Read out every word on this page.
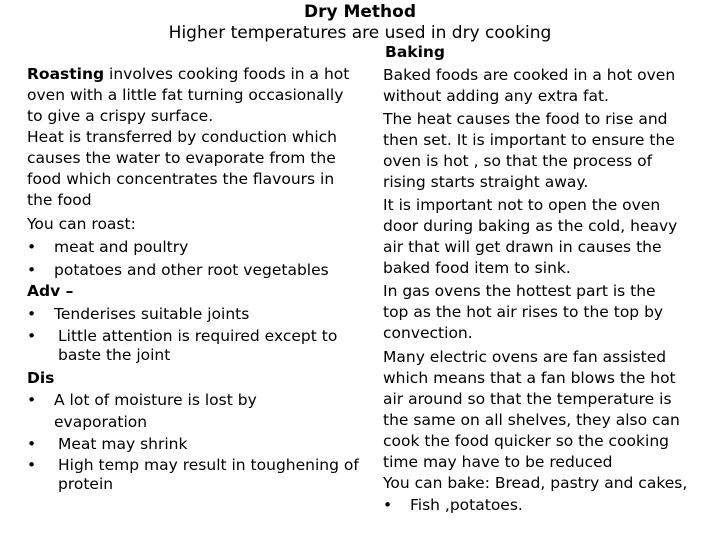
Dry Method
Higher temperatures are used in dry cooking

Roasting involves cooking foods in a hot

oven with a little fat turning occasionally

to give a crispy surface.

Heat is transferred by conduction which

causes the water to evaporate from the

food which concentrates the flavours in

the food

You can roast:

•	meat and poultry

•	potatoes and other root vegetables

Adv –

•	Tenderises suitable joints

•	Little attention is required except to baste the joint

Dis

•	A lot of moisture is lost by evaporation

•	Meat may shrink

•	High temp may result in toughening of protein

Baking

Baked foods are cooked in a hot oven

without adding any extra fat.

The heat causes the food to rise and

then set. It is important to ensure the

oven is hot , so that the process of

rising starts straight away.

It is important not to open the oven

door during baking as the cold, heavy

air that will get drawn in causes the

baked food item to sink.

In gas ovens the hottest part is the

top as the hot air rises to the top by

convection.

Many electric ovens are fan assisted

which means that a fan blows the hot

air around so that the temperature is

the same on all shelves, they also can

cook the food quicker so the cooking

time may have to be reduced

You can bake: Bread, pastry and cakes,

•	Fish ,potatoes.
